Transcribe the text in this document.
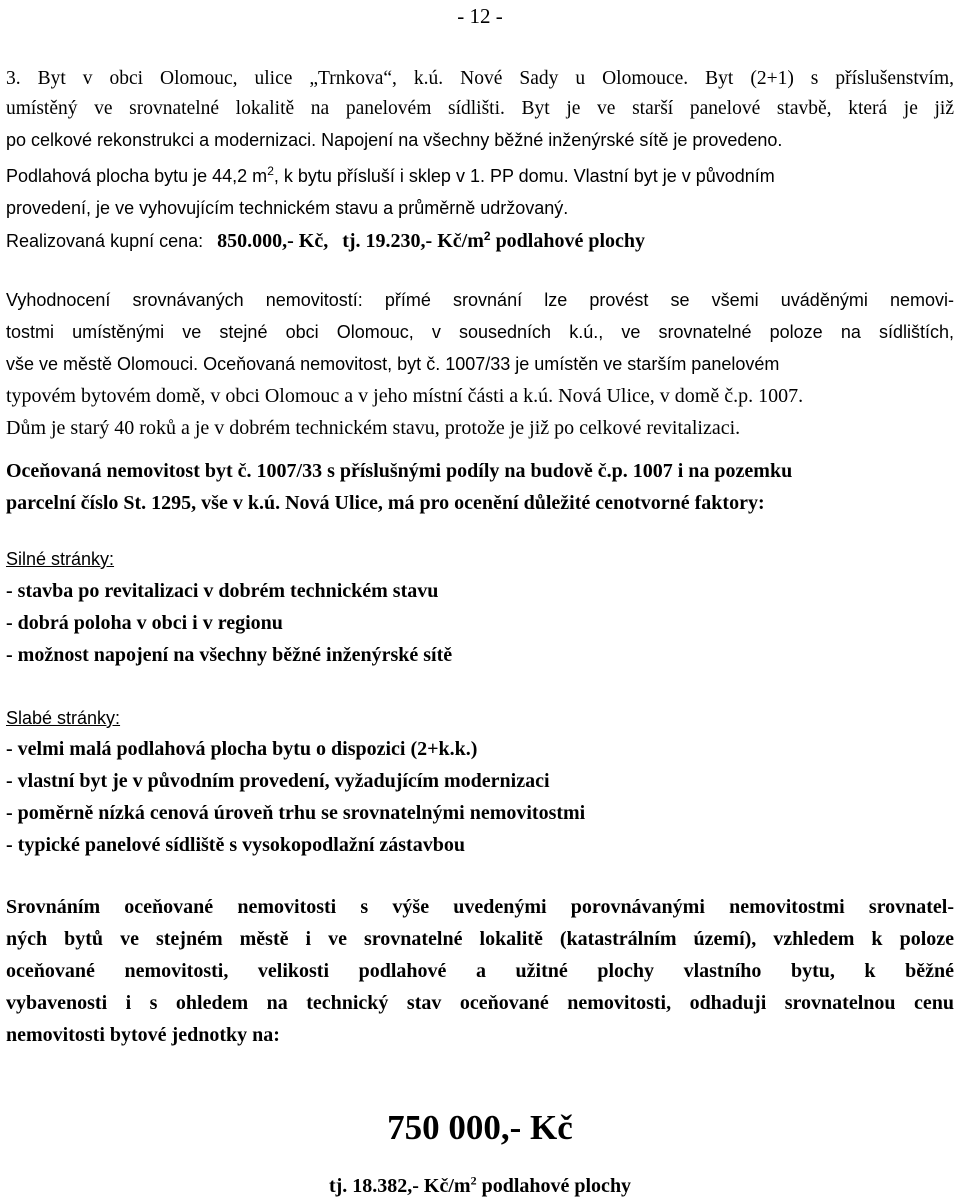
- 12 -
3. Byt v obci Olomouc, ulice „Trnkova“, k.ú. Nové Sady u Olomouce. Byt (2+1) s příslušenstvím,
umístěný ve srovnatelné lokalitě na panelovém sídlišti. Byt je ve starší panelové stavbě, která je již
po celkové rekonstrukci a modernizaci. Napojení na všechny běžné inženýrské sítě je provedeno.
Podlahová plocha bytu je 44,2 $m^2$, k bytu přísluší i sklep v 1. PP domu. Vlastní byt je v původním
provedení, je ve vyhovujícím technickém stavu a průměrně udržovaný.
Realizovaná kupní cena: 850.000,- Kč, tj. 19.230,- $Kč/m^2$ podlahové plochy
Vyhodnocení srovnávaných nemovitostí: přímé srovnání lze provést se všemi uváděnými nemovi-
tostmi umístěnými ve stejné obci Olomouc, v sousedních k.ú., ve srovnatelné poloze na sídlištích,
vše ve městě Olomouci. Oceňovaná nemovitost, byt č. 1007/33 je umístěn ve starším panelovém
typovém bytovém domě, v obci Olomouc a v jeho místní části a k.ú. Nová Ulice, v domě č.p. 1007.
Dům je starý 40 roků a je v dobrém technickém stavu, protože je již po celkové revitalizaci.
Oceňovaná nemovitost byt č. 1007/33 s příslušnými podíly na budově č.p. 1007 i na pozemku
parcelní číslo St. 1295, vše v k.ú. Nová Ulice, má pro ocenění důležité cenotvorné faktory:
Silné stránky:
- stavba po revitalizaci v dobrém technickém stavu
- dobrá poloha v obci i v regionu
- možnost napojení na všechny běžné inženýrské sítě
Slabé stránky:
- velmi malá podlahová plocha bytu o dispozici (2+k.k.)
- vlastní byt je v původním provedení, vyžadujícím modernizaci
- poměrně nízká cenová úroveň trhu se srovnatelnými nemovitostmi
- typické panelové sídliště s vysokopodlažní zástavbou
Srovnáním oceňované nemovitosti s výše uvedenými porovnávanými nemovitostmi srovnatel-
ných bytů ve stejném městě i ve srovnatelné lokalitě (katastrálním území), vzhledem k poloze
oceňované nemovitosti, velikosti podlahové a užitné plochy vlastního bytu, k běžné
vybavenosti i s ohledem na technický stav oceňované nemovitosti, odhaduji srovnatelnou cenu
nemovitosti bytové jednotky na:
750 000,- Kč
tj. 18.382,- $Kč/m^2$ podlahové plochy
